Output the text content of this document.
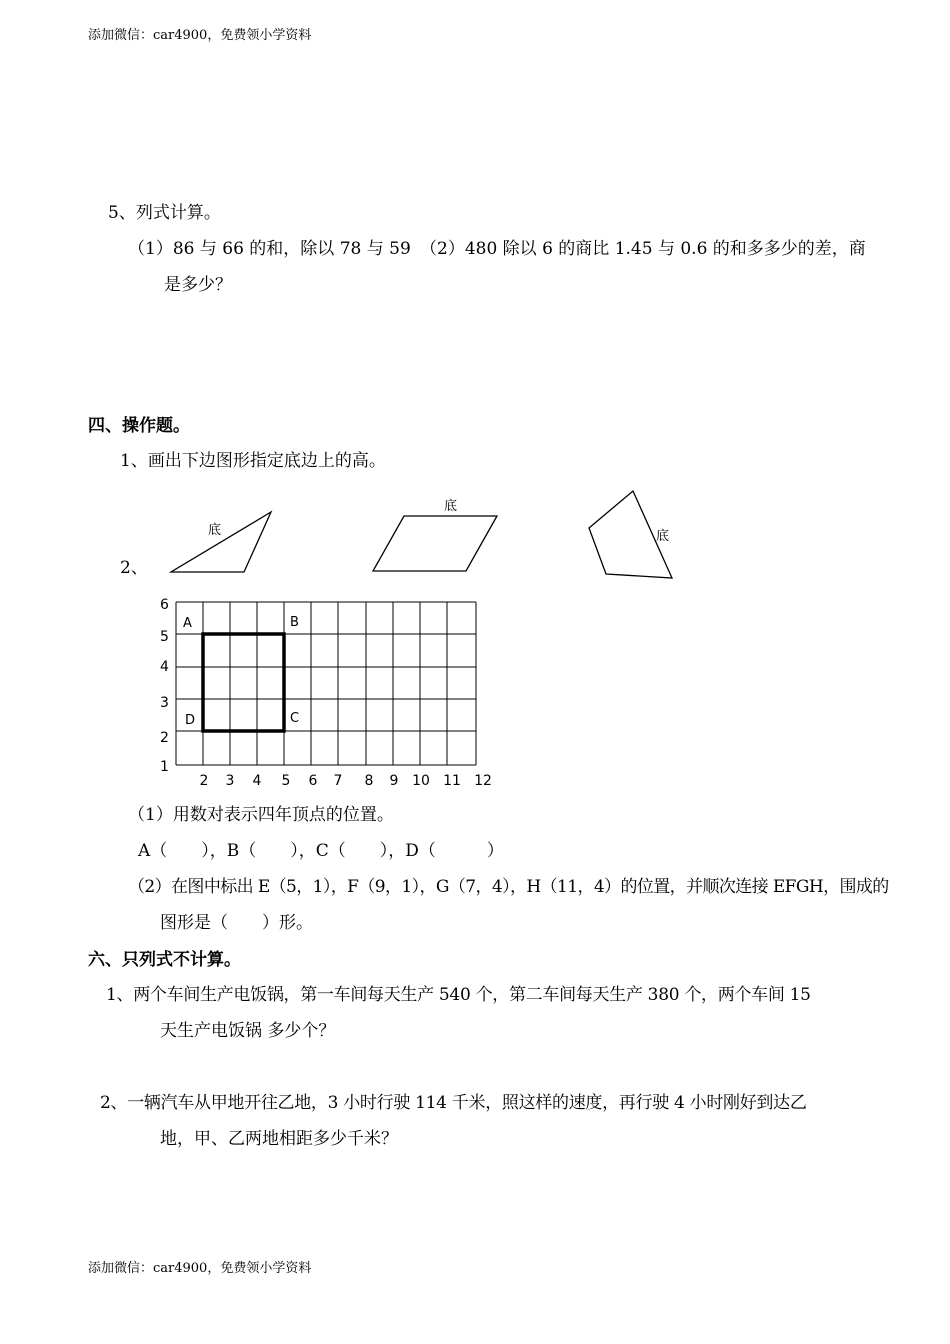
添加微信：car4900，免费领小学资料
5、列式计算。
（1）86 与 66 的和，除以 78 与 59 （2）480 除以 6 的商比 1.45 与 0.6 的和多多少的差，商
是多少？
四、操作题。
1、画出下边图形指定底边上的高。
2、
底
底
底
6
5
4
3
2
1
2 3 4 5 6 7 8 9 10 11 12
A	B
C
D
（1）用数对表示四年顶点的位置。
A（　　），B（　　），C（　　），D（　　　）
（2）在图中标出 E（5，1），F（9，1），G（7，4），H（11，4）的位置，并顺次连接 EFGH，围成的
图形是（　　）形。
六、只列式不计算。
1、两个车间生产电饭锅，第一车间每天生产 540 个，第二车间每天生产 380 个，两个车间 15
天生产电饭锅 多少个？
2、一辆汽车从甲地开往乙地，3 小时行驶 114 千米，照这样的速度，再行驶 4 小时刚好到达乙
地，甲、乙两地相距多少千米？
添加微信：car4900，免费领小学资料
